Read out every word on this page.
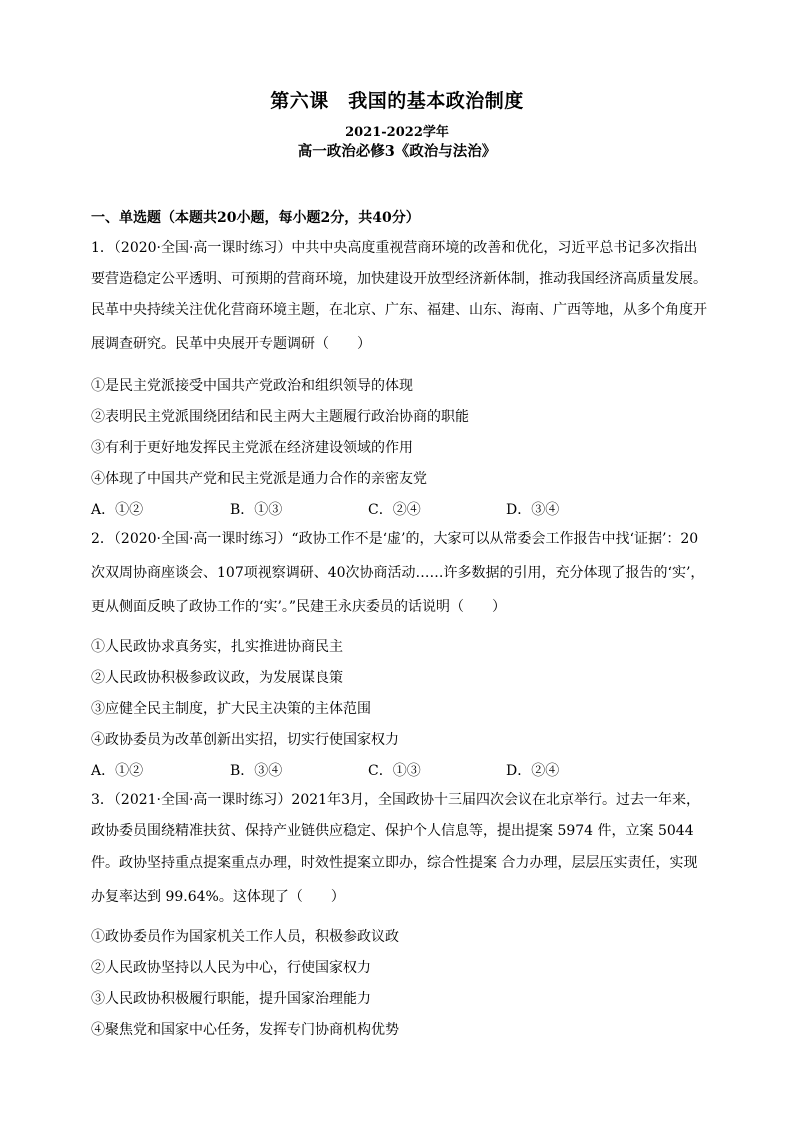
第六课　我国的基本政治制度
2021-2022学年
高一政治必修3《政治与法治》
一、单选题（本题共20小题，每小题2分，共40分）
1．（2020·全国·高一课时练习）中共中央高度重视营商环境的改善和优化，习近平总书记多次指出
要营造稳定公平透明、可预期的营商环境，加快建设开放型经济新体制，推动我国经济高质量发展。
民革中央持续关注优化营商环境主题，在北京、广东、福建、山东、海南、广西等地，从多个角度开
展调查研究。民革中央展开专题调研（　　）
①是民主党派接受中国共产党政治和组织领导的体现
②表明民主党派围绕团结和民主两大主题履行政治协商的职能
③有利于更好地发挥民主党派在经济建设领域的作用
④体现了中国共产党和民主党派是通力合作的亲密友党
A．①②	B．①③	C．②④	D．③④
2．（2020·全国·高一课时练习）“政协工作不是‘虚’的，大家可以从常委会工作报告中找‘证据’：20
次双周协商座谈会、107项视察调研、40次协商活动……许多数据的引用，充分体现了报告的‘实’，
更从侧面反映了政协工作的‘实’。”民建王永庆委员的话说明（　　）
①人民政协求真务实，扎实推进协商民主
②人民政协积极参政议政，为发展谋良策
③应健全民主制度，扩大民主决策的主体范围
④政协委员为改革创新出实招，切实行使国家权力
A．①②	B．③④	C．①③	D．②④
3．（2021·全国·高一课时练习）2021年3月，全国政协十三届四次会议在北京举行。过去一年来，
政协委员围绕精准扶贫、保持产业链供应稳定、保护个人信息等，提出提案 5974 件，立案 5044
件。政协坚持重点提案重点办理，时效性提案立即办，综合性提案 合力办理，层层压实责任，实现
办复率达到 99.64%。这体现了（　　）
①政协委员作为国家机关工作人员，积极参政议政
②人民政协坚持以人民为中心，行使国家权力
③人民政协积极履行职能，提升国家治理能力
④聚焦党和国家中心任务，发挥专门协商机构优势
